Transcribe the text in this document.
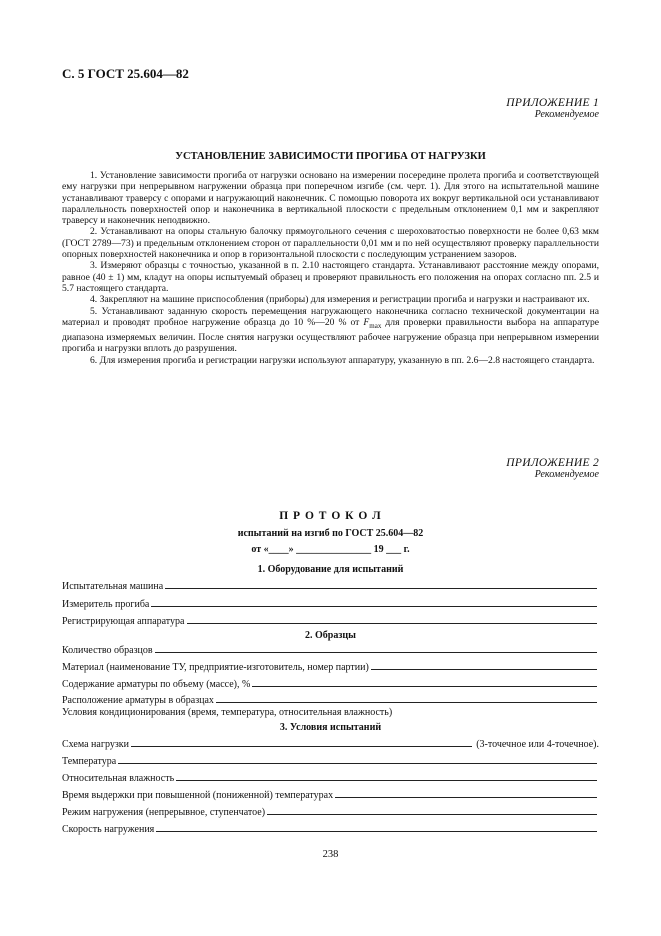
С. 5 ГОСТ 25.604—82
ПРИЛОЖЕНИЕ 1
Рекомендуемое
УСТАНОВЛЕНИЕ ЗАВИСИМОСТИ ПРОГИБА ОТ НАГРУЗКИ

1. Установление зависимости прогиба от нагрузки основано на измерении посередине пролета прогиба и соответствующей ему нагрузки при непрерывном нагружении образца при поперечном изгибе (см. черт. 1). Для этого на испытательной машине устанавливают траверсу с опорами и нагружающий наконечник. С помощью поворота их вокруг вертикальной оси устанавливают параллельность поверхностей опор и наконечника в вертикальной плоскости с предельным отклонением 0,1 мм и закрепляют траверсу и наконечник неподвижно.

2. Устанавливают на опоры стальную балочку прямоугольного сечения с шероховатостью поверхности не более 0,63 мкм (ГОСТ 2789—73) и предельным отклонением сторон от параллельности 0,01 мм и по ней осуществляют проверку параллельности опорных поверхностей наконечника и опор в горизонтальной плоскости с последующим устранением зазоров.

3. Измеряют образцы с точностью, указанной в п. 2.10 настоящего стандарта. Устанавливают расстояние между опорами, равное (40 ± 1) мм, кладут на опоры испытуемый образец и проверяют правильность его положения на опорах согласно пп. 2.5 и 5.7 настоящего стандарта.

4. Закрепляют на машине приспособления (приборы) для измерения и регистрации прогиба и нагрузки и настраивают их.

5. Устанавливают заданную скорость перемещения нагружающего наконечника согласно технической документации на материал и проводят пробное нагружение образца до 10 %—20 % от $F_{max}$ для проверки правильности выбора на аппаратуре диапазона измеряемых величин. После снятия нагрузки осуществляют рабочее нагружение образца при непрерывном измерении прогиба и нагрузки вплоть до разрушения.

6. Для измерения прогиба и регистрации нагрузки используют аппаратуру, указанную в пп. 2.6—2.8 настоящего стандарта.

ПРИЛОЖЕНИЕ 2
Рекомендуемое
П Р О Т О К О Л
испытаний на изгиб по ГОСТ 25.604—82
от «____» _______________ 19 ___ г.
1. Оборудование для испытаний
Испытательная машина
Измеритель прогиба
Регистрирующая аппаратура
2. Образцы
Количество образцов
Материал (наименование ТУ, предприятие-изготовитель, номер партии)
Содержание арматуры по объему (массе), %
Расположение арматуры в образцах
Условия кондиционирования (время, температура, относительная влажность)
3. Условия испытаний
Схема нагрузки	(3-точечное или 4-точечное).
Температура
Относительная влажность
Время выдержки при повышенной (пониженной) температурах
Режим нагружения (непрерывное, ступенчатое)
Скорость нагружения
238
